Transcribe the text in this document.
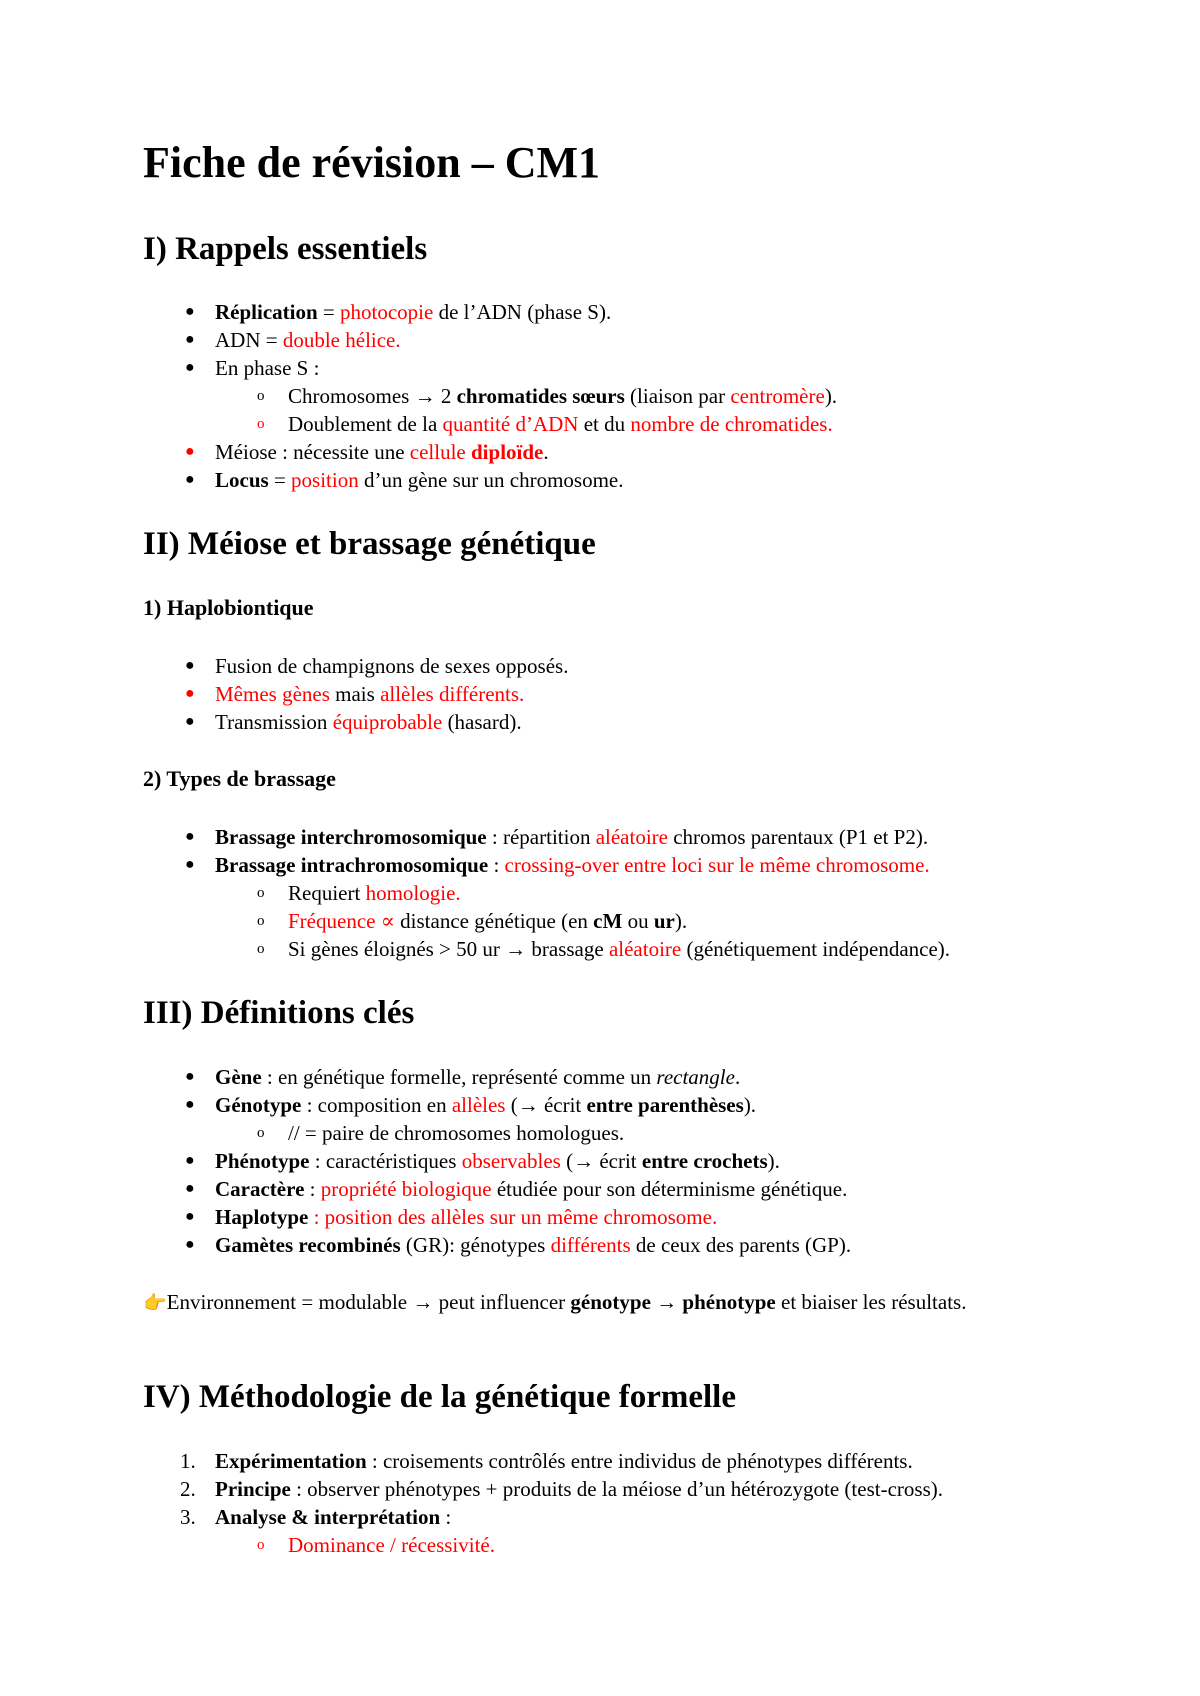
Fiche de révision – CM1
I) Rappels essentiels
● Réplication = photocopie de l’ADN (phase S).
● ADN = double hélice.
● En phase S :
o Chromosomes → 2 chromatides sœurs (liaison par centromère).
o Doublement de la quantité d’ADN et du nombre de chromatides.
● Méiose : nécessite une cellule diploïde.
● Locus = position d’un gène sur un chromosome.
II) Méiose et brassage génétique
1) Haplobiontique
● Fusion de champignons de sexes opposés.
● Mêmes gènes mais allèles différents.
● Transmission équiprobable (hasard).
2) Types de brassage
● Brassage interchromosomique : répartition aléatoire chromos parentaux (P1 et P2).
● Brassage intrachromosomique : crossing-over entre loci sur le même chromosome.
o Requiert homologie.
o Fréquence ∝ distance génétique (en cM ou ur).
o Si gènes éloignés > 50 ur → brassage aléatoire (génétiquement indépendance).
III) Définitions clés
● Gène : en génétique formelle, représenté comme un rectangle.
● Génotype : composition en allèles (→ écrit entre parenthèses).
o // = paire de chromosomes homologues.
● Phénotype : caractéristiques observables (→ écrit entre crochets).
● Caractère : propriété biologique étudiée pour son déterminisme génétique.
● Haplotype : position des allèles sur un même chromosome.
● Gamètes recombinés (GR): génotypes différents de ceux des parents (GP).
👉Environnement = modulable → peut influencer génotype → phénotype et biaiser les résultats.
IV) Méthodologie de la génétique formelle
1. Expérimentation : croisements contrôlés entre individus de phénotypes différents.
2. Principe : observer phénotypes + produits de la méiose d’un hétérozygote (test-cross).
3. Analyse & interprétation :
o Dominance / récessivité.
